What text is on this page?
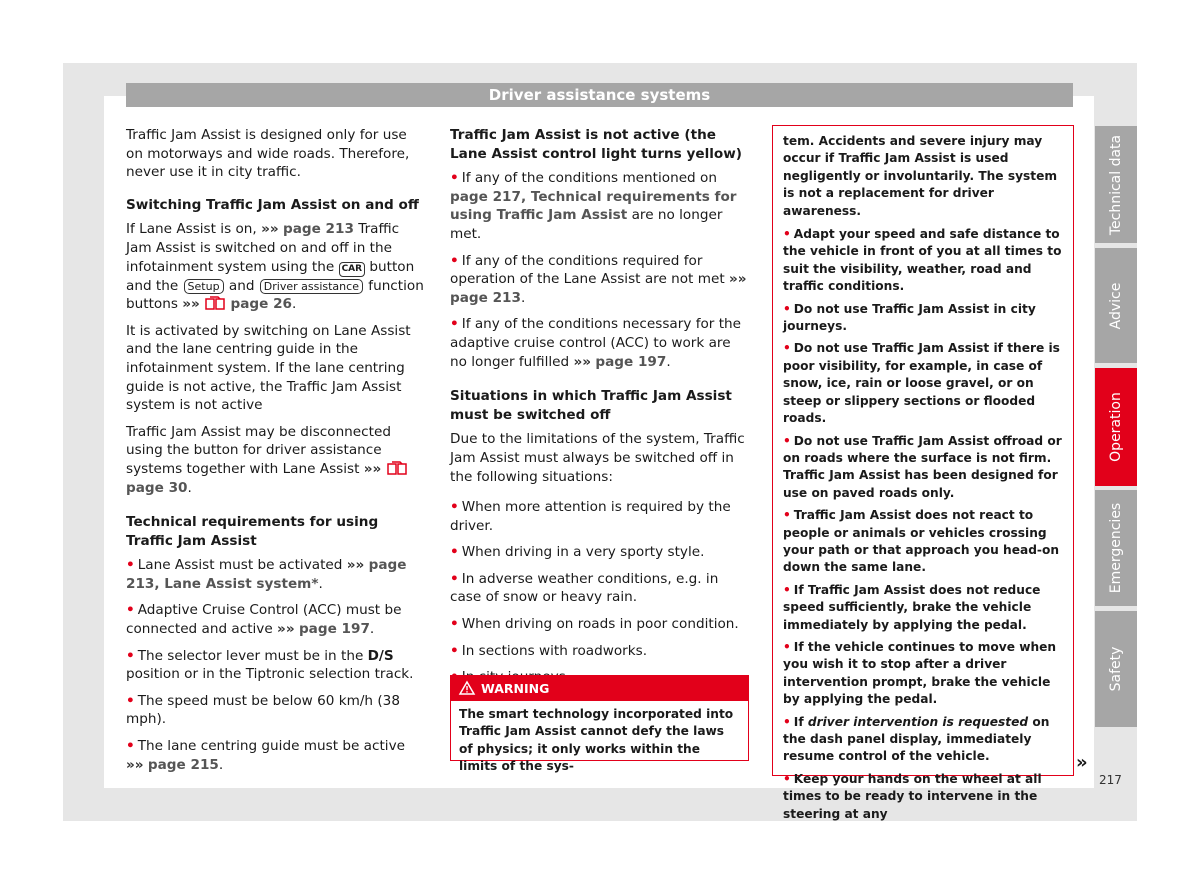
Driver assistance systems

Traffic Jam Assist is designed only for use on motorways and wide roads. Therefore, never use it in city traffic.

Switching Traffic Jam Assist on and off

If Lane Assist is on, »» page 213 Traffic Jam Assist is switched on and off in the infotainment system using the CAR button and the Setup and Driver assistance function buttons »» page 26.

It is activated by switching on Lane Assist and the lane centring guide in the infotainment system. If the lane centring guide is not active, the Traffic Jam Assist system is not active

Traffic Jam Assist may be disconnected using the button for driver assistance systems together with Lane Assist »»  page 30.

Technical requirements for using Traffic Jam Assist

• Lane Assist must be activated »» page 213, Lane Assist system*.

• Adaptive Cruise Control (ACC) must be connected and active »» page 197.

• The selector lever must be in the D/S position or in the Tiptronic selection track.

• The speed must be below 60 km/h (38 mph).

• The lane centring guide must be active »» page 215.

Traffic Jam Assist is not active (the Lane Assist control light turns yellow)

• If any of the conditions mentioned on page 217, Technical requirements for using Traffic Jam Assist are no longer met.

• If any of the conditions required for operation of the Lane Assist are not met »» page 213.

• If any of the conditions necessary for the adaptive cruise control (ACC) to work are no longer fulfilled »» page 197.

Situations in which Traffic Jam Assist must be switched off

Due to the limitations of the system, Traffic Jam Assist must always be switched off in the following situations:

• When more attention is required by the driver.

• When driving in a very sporty style.

• In adverse weather conditions, e.g. in case of snow or heavy rain.

• When driving on roads in poor condition.

• In sections with roadworks.

WARNING
The smart technology incorporated into Traffic Jam Assist cannot defy the laws of physics; it only works within the limits of the sys-

tem. Accidents and severe injury may occur if Traffic Jam Assist is used negligently or involuntarily. The system is not a replacement for driver awareness.

• Adapt your speed and safe distance to the vehicle in front of you at all times to suit the visibility, weather, road and traffic conditions.

• Do not use Traffic Jam Assist in city journeys.

• Do not use Traffic Jam Assist if there is poor visibility, for example, in case of snow, ice, rain or loose gravel, or on steep or slippery sections or flooded roads.

• Do not use Traffic Jam Assist offroad or on roads where the surface is not firm. Traffic Jam Assist has been designed for use on paved roads only.

• Traffic Jam Assist does not react to people or animals or vehicles crossing your path or that approach you head-on down the same lane.

• If Traffic Jam Assist does not reduce speed sufficiently, brake the vehicle immediately by applying the pedal.

• If the vehicle continues to move when you wish it to stop after a driver intervention prompt, brake the vehicle by applying the pedal.

• If driver intervention is requested on the dash panel display, immediately resume control of the vehicle.

• Keep your hands on the wheel at all times to be ready to intervene in the steering at any

»
Technical data
Advice
Operation
Emergencies
Safety
217
